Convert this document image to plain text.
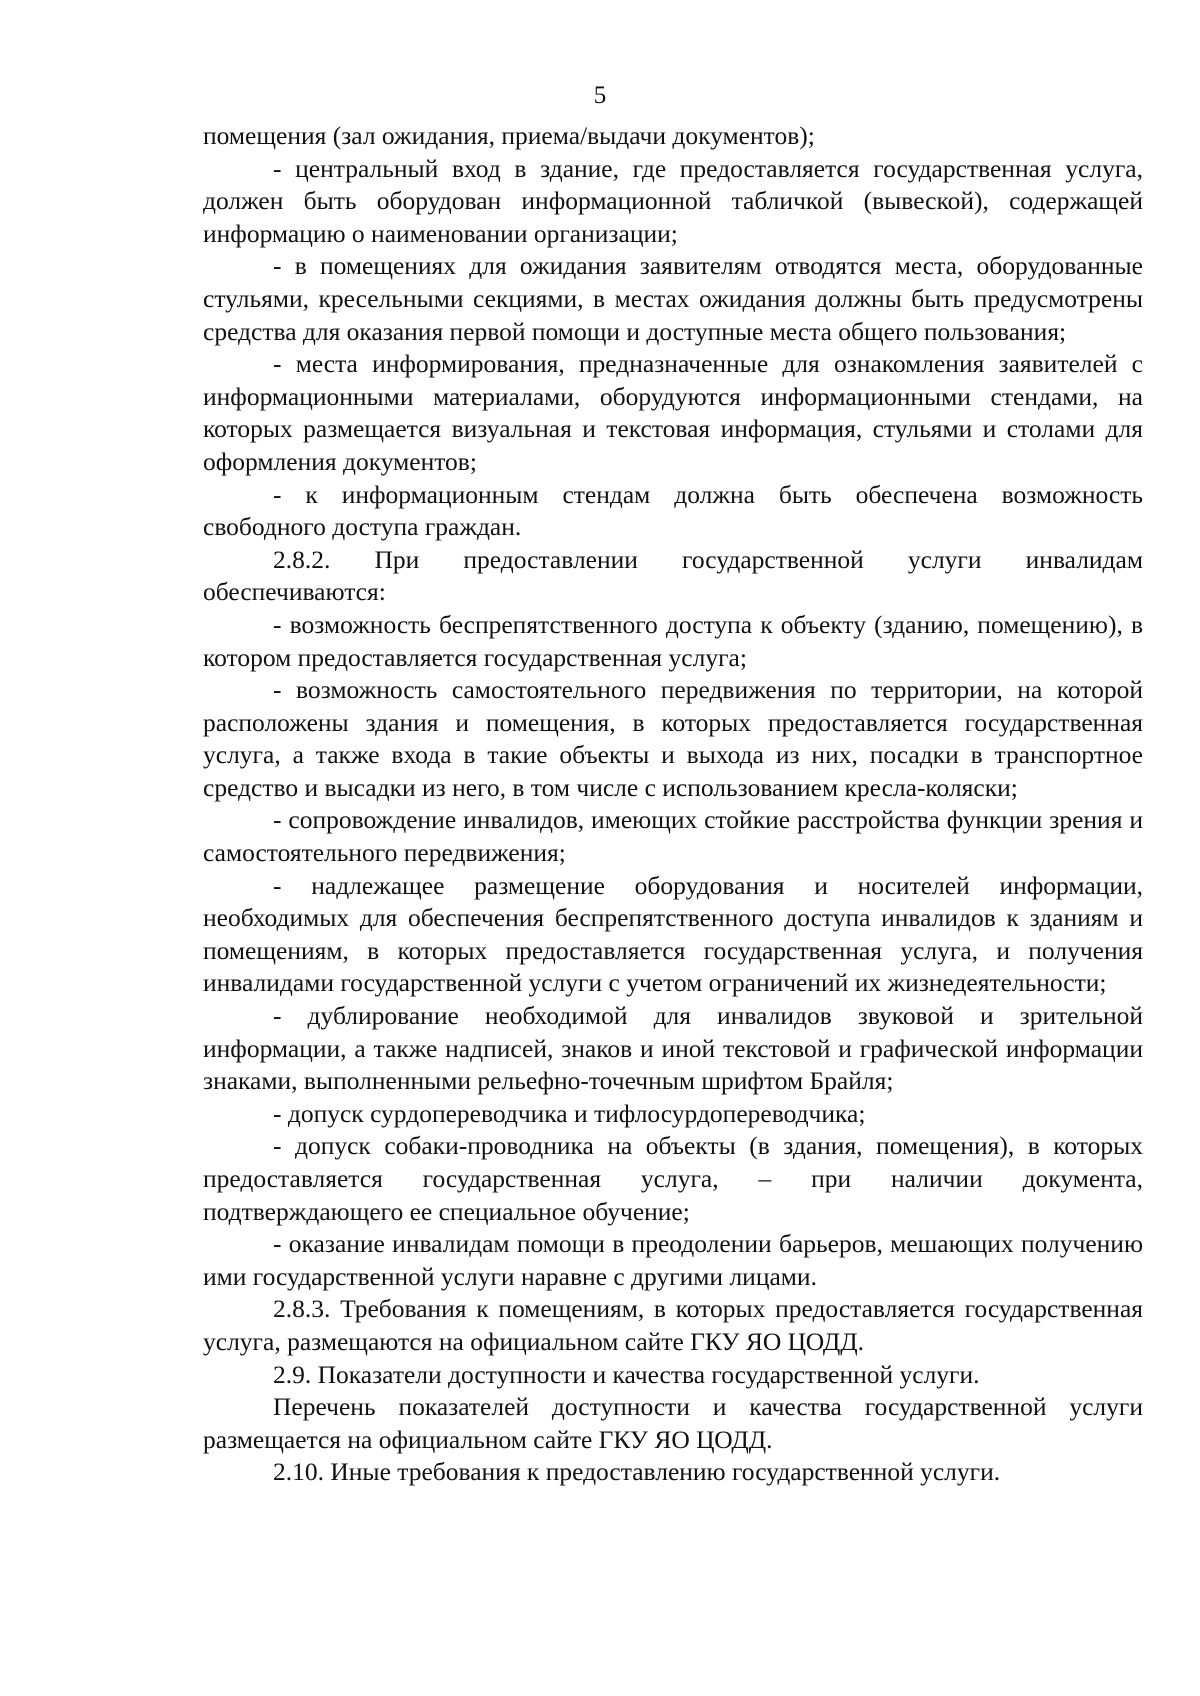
5

помещения (зал ожидания, приема/выдачи документов);

- центральный вход в здание, где предоставляется государственная услуга, должен быть оборудован информационной табличкой (вывеской), содержащей информацию о наименовании организации;

- в помещениях для ожидания заявителям отводятся места, оборудованные стульями, кресельными секциями, в местах ожидания должны быть предусмотрены средства для оказания первой помощи и доступные места общего пользования;

- места информирования, предназначенные для ознакомления заявителей с информационными материалами, оборудуются информационными стендами, на которых размещается визуальная и текстовая информация, стульями и столами для оформления документов;

- к информационным стендам должна быть обеспечена возможность свободного доступа граждан.

2.8.2. При предоставлении государственной услуги инвалидам обеспечиваются:

- возможность беспрепятственного доступа к объекту (зданию, помещению), в котором предоставляется государственная услуга;

- возможность самостоятельного передвижения по территории, на которой расположены здания и помещения, в которых предоставляется государственная услуга, а также входа в такие объекты и выхода из них, посадки в транспортное средство и высадки из него, в том числе с использованием кресла-коляски;

- сопровождение инвалидов, имеющих стойкие расстройства функции зрения и самостоятельного передвижения;

- надлежащее размещение оборудования и носителей информации, необходимых для обеспечения беспрепятственного доступа инвалидов к зданиям и помещениям, в которых предоставляется государственная услуга, и получения инвалидами государственной услуги с учетом ограничений их жизнедеятельности;

- дублирование необходимой для инвалидов звуковой и зрительной информации, а также надписей, знаков и иной текстовой и графической информации знаками, выполненными рельефно-точечным шрифтом Брайля;

- допуск сурдопереводчика и тифлосурдопереводчика;

- допуск собаки-проводника на объекты (в здания, помещения), в которых предоставляется государственная услуга, – при наличии документа, подтверждающего ее специальное обучение;

- оказание инвалидам помощи в преодолении барьеров, мешающих получению ими государственной услуги наравне с другими лицами.

2.8.3. Требования к помещениям, в которых предоставляется государственная услуга, размещаются на официальном сайте ГКУ ЯО ЦОДД.

2.9. Показатели доступности и качества государственной услуги.

Перечень показателей доступности и качества государственной услуги размещается на официальном сайте ГКУ ЯО ЦОДД.

2.10. Иные требования к предоставлению государственной услуги.
